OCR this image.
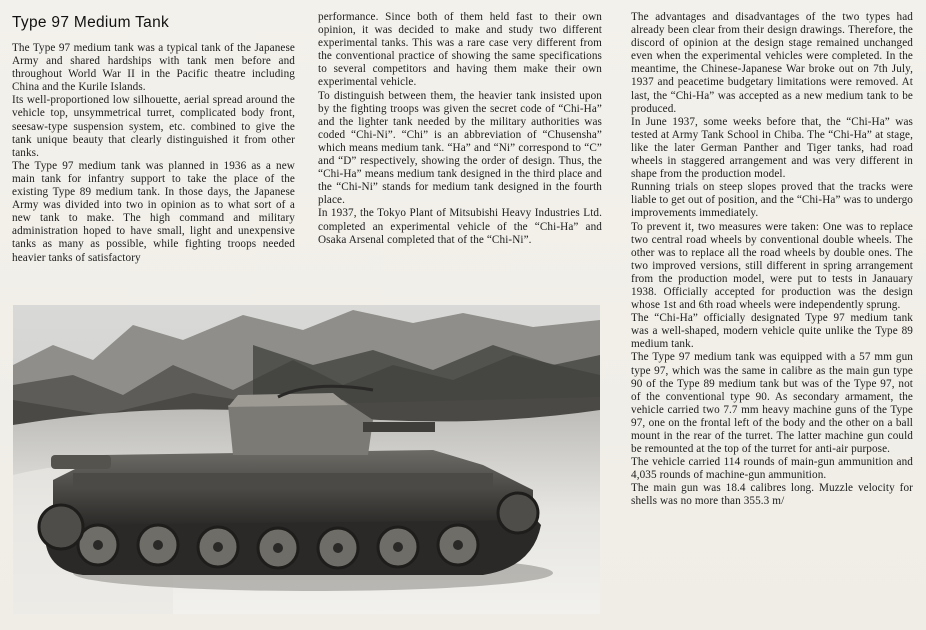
Type 97 Medium Tank

The Type 97 medium tank was a typical tank of the Japanese Army and shared hardships with tank men before and throughout World War II in the Pacific theatre including China and the Kurile Islands.

Its well-proportioned low silhouette, aerial spread around the vehicle top, unsymmetrical turret, complicated body front, seesaw-type suspension system, etc. combined to give the tank unique beauty that clearly distinguished it from other tanks.

The Type 97 medium tank was planned in 1936 as a new main tank for infantry support to take the place of the existing Type 89 medium tank. In those days, the Japanese Army was divided into two in opinion as to what sort of a new tank to make. The high command and military administration hoped to have small, light and unexpensive tanks as many as possible, while fighting troops needed heavier tanks of satisfactory

performance. Since both of them held fast to their own opinion, it was decided to make and study two different experimental tanks. This was a rare case very different from the conventional practice of showing the same specifications to several competitors and having them make their own experimental vehicle.

To distinguish between them, the heavier tank insisted upon by the fighting troops was given the secret code of “Chi-Ha” and the lighter tank needed by the military authorities was coded “Chi-Ni”. “Chi” is an abbreviation of “Chusensha” which means medium tank. “Ha” and “Ni” correspond to “C” and “D” respectively, showing the order of design. Thus, the “Chi-Ha” means medium tank designed in the third place and the “Chi-Ni” stands for medium tank designed in the fourth place.

In 1937, the Tokyo Plant of Mitsubishi Heavy Industries Ltd. completed an experimental vehicle of the “Chi-Ha” and Osaka Arsenal completed that of the “Chi-Ni”.

The advantages and disadvantages of the two types had already been clear from their design drawings. Therefore, the discord of opinion at the design stage remained unchanged even when the experimental vehicles were completed. In the meantime, the Chinese-Japanese War broke out on 7th July, 1937 and peacetime budgetary limitations were removed. At last, the “Chi-Ha” was accepted as a new medium tank to be produced.

In June 1937, some weeks before that, the “Chi-Ha” was tested at Army Tank School in Chiba. The “Chi-Ha” at stage, like the later German Panther and Tiger tanks, had road wheels in staggered arrangement and was very different in shape from the production model.

Running trials on steep slopes proved that the tracks were liable to get out of position, and the “Chi-Ha” was to undergo improvements immediately.

To prevent it, two measures were taken: One was to replace two central road wheels by conventional double wheels. The other was to replace all the road wheels by double ones. The two improved versions, still different in spring arrangement from the production model, were put to tests in Janauary 1938. Officially accepted for production was the design whose 1st and 6th road wheels were independently sprung.

The “Chi-Ha” officially designated Type 97 medium tank was a well-shaped, modern vehicle quite unlike the Type 89 medium tank.

The Type 97 medium tank was equipped with a 57 mm gun type 97, which was the same in calibre as the main gun type 90 of the Type 89 medium tank but was of the Type 97, not of the conventional type 90. As secondary armament, the vehicle carried two 7.7 mm heavy machine guns of the Type 97, one on the frontal left of the body and the other on a ball mount in the rear of the turret. The latter machine gun could be remounted at the top of the turret for anti-air purpose.

The vehicle carried 114 rounds of main-gun ammunition and 4,035 rounds of machine-gun ammunition.

The main gun was 18.4 calibres long. Muzzle velocity for shells was no more than 355.3 m/
